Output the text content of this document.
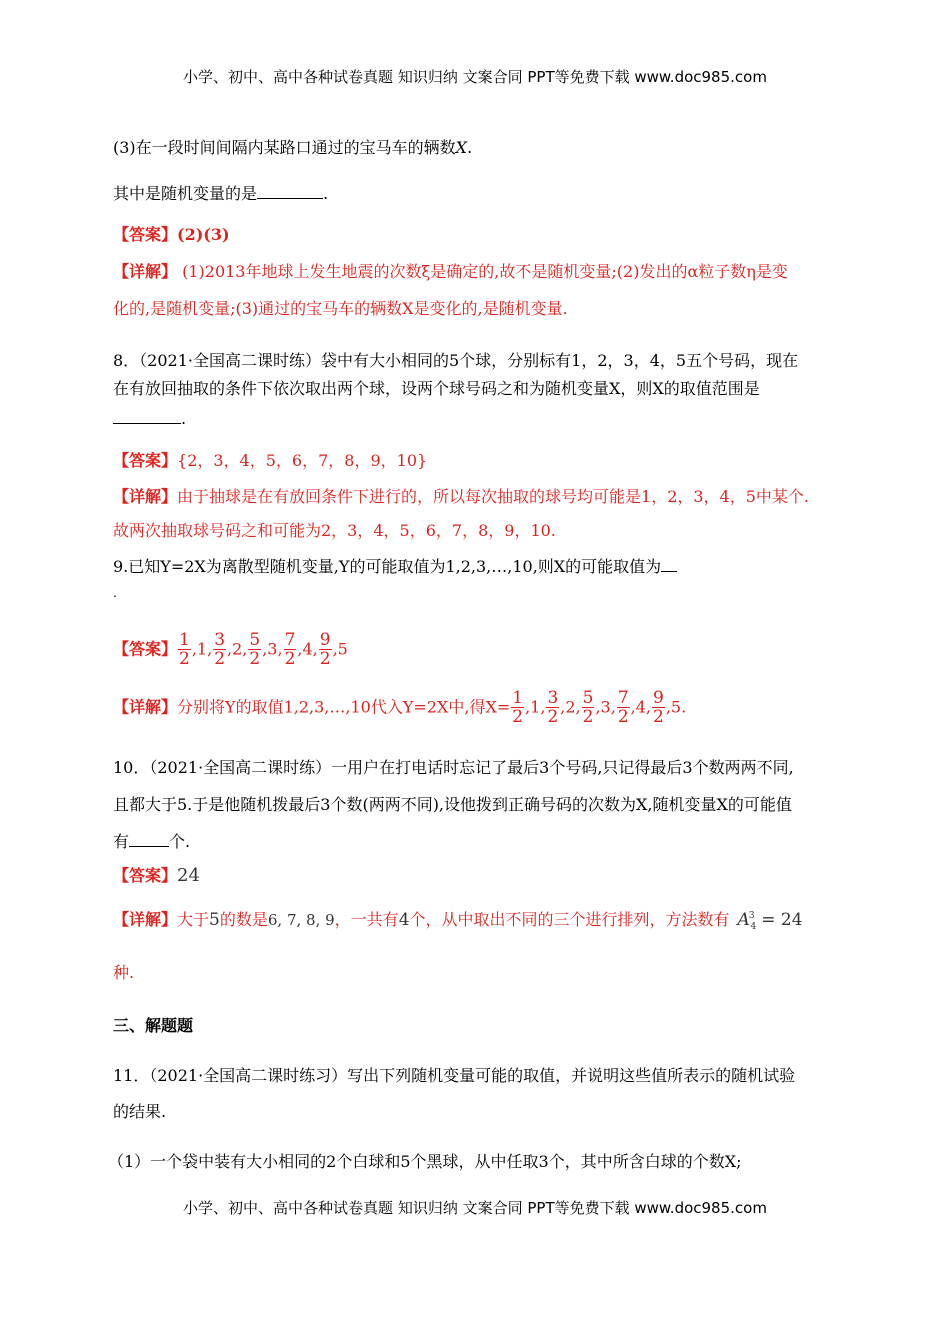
小学、初中、高中各种试卷真题 知识归纳 文案合同 PPT等免费下载 www.doc985.com
(3)在一段时间间隔内某路口通过的宝马车的辆数X.
其中是随机变量的是	.
【答案】(2)(3)
【详解】 (1)2013年地球上发生地震的次数ξ是确定的,故不是随机变量;(2)发出的α粒子数η是变
化的,是随机变量;(3)通过的宝马车的辆数X是变化的,是随机变量.
8．（2021·全国高二课时练）袋中有大小相同的5个球，分别标有1，2，3，4，5五个号码，现在
在有放回抽取的条件下依次取出两个球，设两个球号码之和为随机变量X，则X的取值范围是
.
【答案】{2，3，4，5，6，7，8，9，10}
【详解】由于抽球是在有放回条件下进行的，所以每次抽取的球号均可能是1，2，3，4，5中某个.
故两次抽取球号码之和可能为2，3，4，5，6，7，8，9，10.
9.已知Y=2X为离散型随机变量,Y的可能取值为1,2,3,…,10,则X的可能取值为
.
【答案】 $\frac{1}{2} ,1$, $\frac{3}{2} ,2$, $\frac{5}{2} ,3$, $\frac{7}{2} ,4$, $\frac{9}{2} ,5$
【详解】分别将Y的取值1,2,3,…,10代入Y=2X中,得$X= \frac{1}{2} ,1$, $\frac{3}{2} ,2$, $\frac{5}{2} ,3$, $\frac{7}{2} ,4$, $\frac{9}{2} ,5$.
10．（2021·全国高二课时练）一用户在打电话时忘记了最后3个号码,只记得最后3个数两两不同,
且都大于5.于是他随机拨最后3个数(两两不同),设他拨到正确号码的次数为X,随机变量X的可能值
有	个.
【答案】24
【详解】大于5的数是6, 7, 8, 9，一共有4个，从中取出不同的三个进行排列，方法数有 $A^3_4 = 24$
种.
三、解题题
11．（2021·全国高二课时练习）写出下列随机变量可能的取值，并说明这些值所表示的随机试验
的结果.
（1）一个袋中装有大小相同的2个白球和5个黑球，从中任取3个，其中所含白球的个数X;
小学、初中、高中各种试卷真题 知识归纳 文案合同 PPT等免费下载 www.doc985.com
